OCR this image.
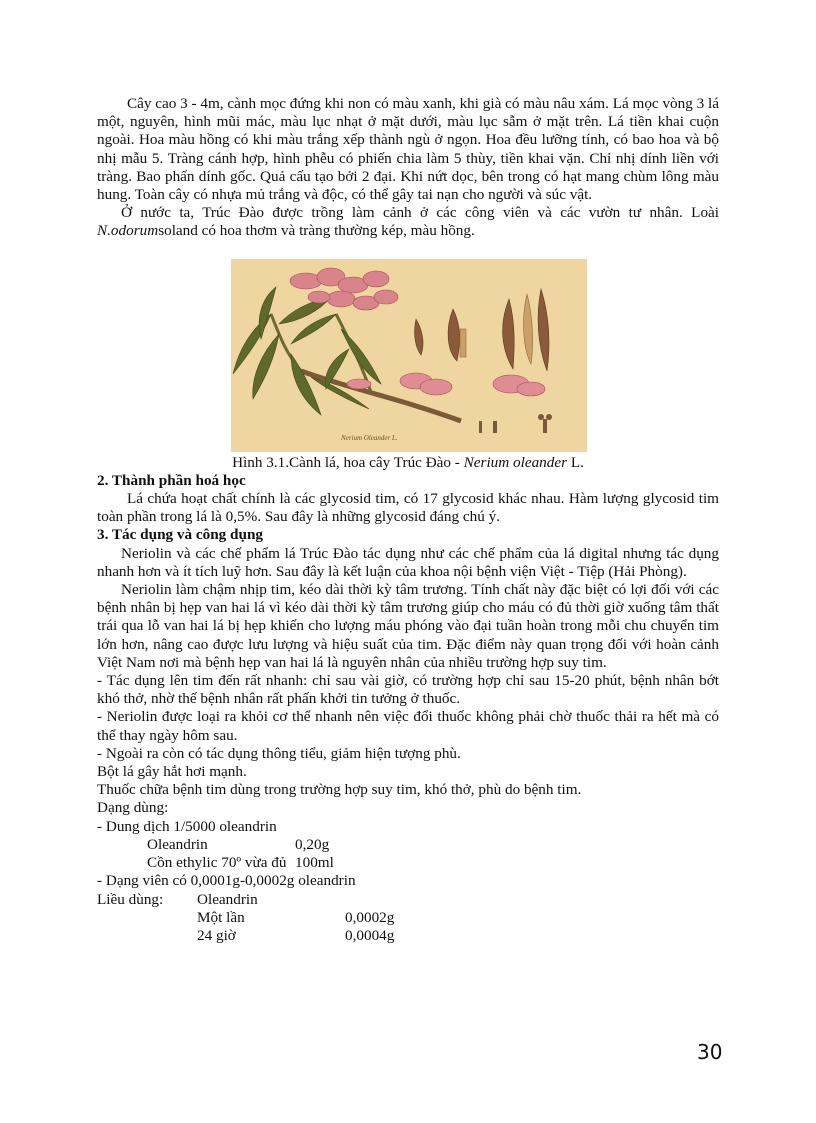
Cây cao 3 - 4m, cành mọc đứng khi non có màu xanh, khi già có màu nâu xám. Lá mọc vòng 3 lá một, nguyên, hình mũi mác, màu lục nhạt ở mặt dưới, màu lục sẫm ở mặt trên. Lá tiền khai cuộn ngoài. Hoa màu hồng có khi màu trắng xếp thành ngù ở ngọn. Hoa đều lưỡng tính, có bao hoa và bộ nhị mẫu 5. Tràng cánh hợp, hình phễu có phiến chia làm 5 thùy, tiền khai vặn. Chỉ nhị dính liền với tràng. Bao phấn dính gốc. Quả cấu tạo bởi 2 đại. Khi nứt dọc, bên trong có hạt mang chùm lông màu hung. Toàn cây có nhựa mủ trắng và độc, có thể gây tai nạn cho người và súc vật.

Ở nước ta, Trúc Đào được trồng làm cảnh ở các công viên và các vườn tư nhân. Loài N.odorumsoland có hoa thơm và tràng thường kép, màu hồng.

Nerium Oleander L.

Hình 3.1.Cành lá, hoa cây Trúc Đào - Nerium oleander L.

2. Thành phần hoá học

Lá chứa hoạt chất chính là các glycosid tim, có 17 glycosid khác nhau. Hàm lượng glycosid tim toàn phần trong lá là 0,5%. Sau đây là những glycosid đáng chú ý.

3. Tác dụng và công dụng

Neriolin và các chế phẩm lá Trúc Đào tác dụng như các chế phẩm của lá digital nhưng tác dụng nhanh hơn và ít tích luỹ hơn. Sau đây là kết luận của khoa nội bệnh viện Việt - Tiệp (Hải Phòng).

Neriolin làm chậm nhịp tim, kéo dài thời kỳ tâm trương. Tính chất này đặc biệt có lợi đối với các bệnh nhân bị hẹp van hai lá vì kéo dài thời kỳ tâm trương giúp cho máu có đủ thời giờ xuống tâm thất trái qua lỗ van hai lá bị hẹp khiến cho lượng máu phóng vào đại tuần hoàn trong mỗi chu chuyển tim lớn hơn, nâng cao được lưu lượng và hiệu suất của tim. Đặc điểm này quan trọng đối với hoàn cảnh Việt Nam nơi mà bệnh hẹp van hai lá là nguyên nhân của nhiều trường hợp suy tim.

- Tác dụng lên tim đến rất nhanh: chỉ sau vài giờ, có trường hợp chỉ sau 15-20 phút, bệnh nhân bớt khó thở, nhờ thế bệnh nhân rất phấn khởi tin tưởng ở thuốc.

- Neriolin được loại ra khỏi cơ thể nhanh nên việc đổi thuốc không phải chờ thuốc thải ra hết mà có thể thay ngày hôm sau.

- Ngoài ra còn có tác dụng thông tiểu, giảm hiện tượng phù.

Bột lá gây hắt hơi mạnh.

Thuốc chữa bệnh tim dùng trong trường hợp suy tim, khó thở, phù do bệnh tim.

Dạng dùng:

- Dung dịch 1/5000 oleandrin

Oleandrin	0,20g
Cồn ethylic 70º vừa đủ 100ml

- Dạng viên có 0,0001g-0,0002g oleandrin

Liều dùng:	Oleandrin
Một lần	0,0002g
24 giờ	0,0004g
30
